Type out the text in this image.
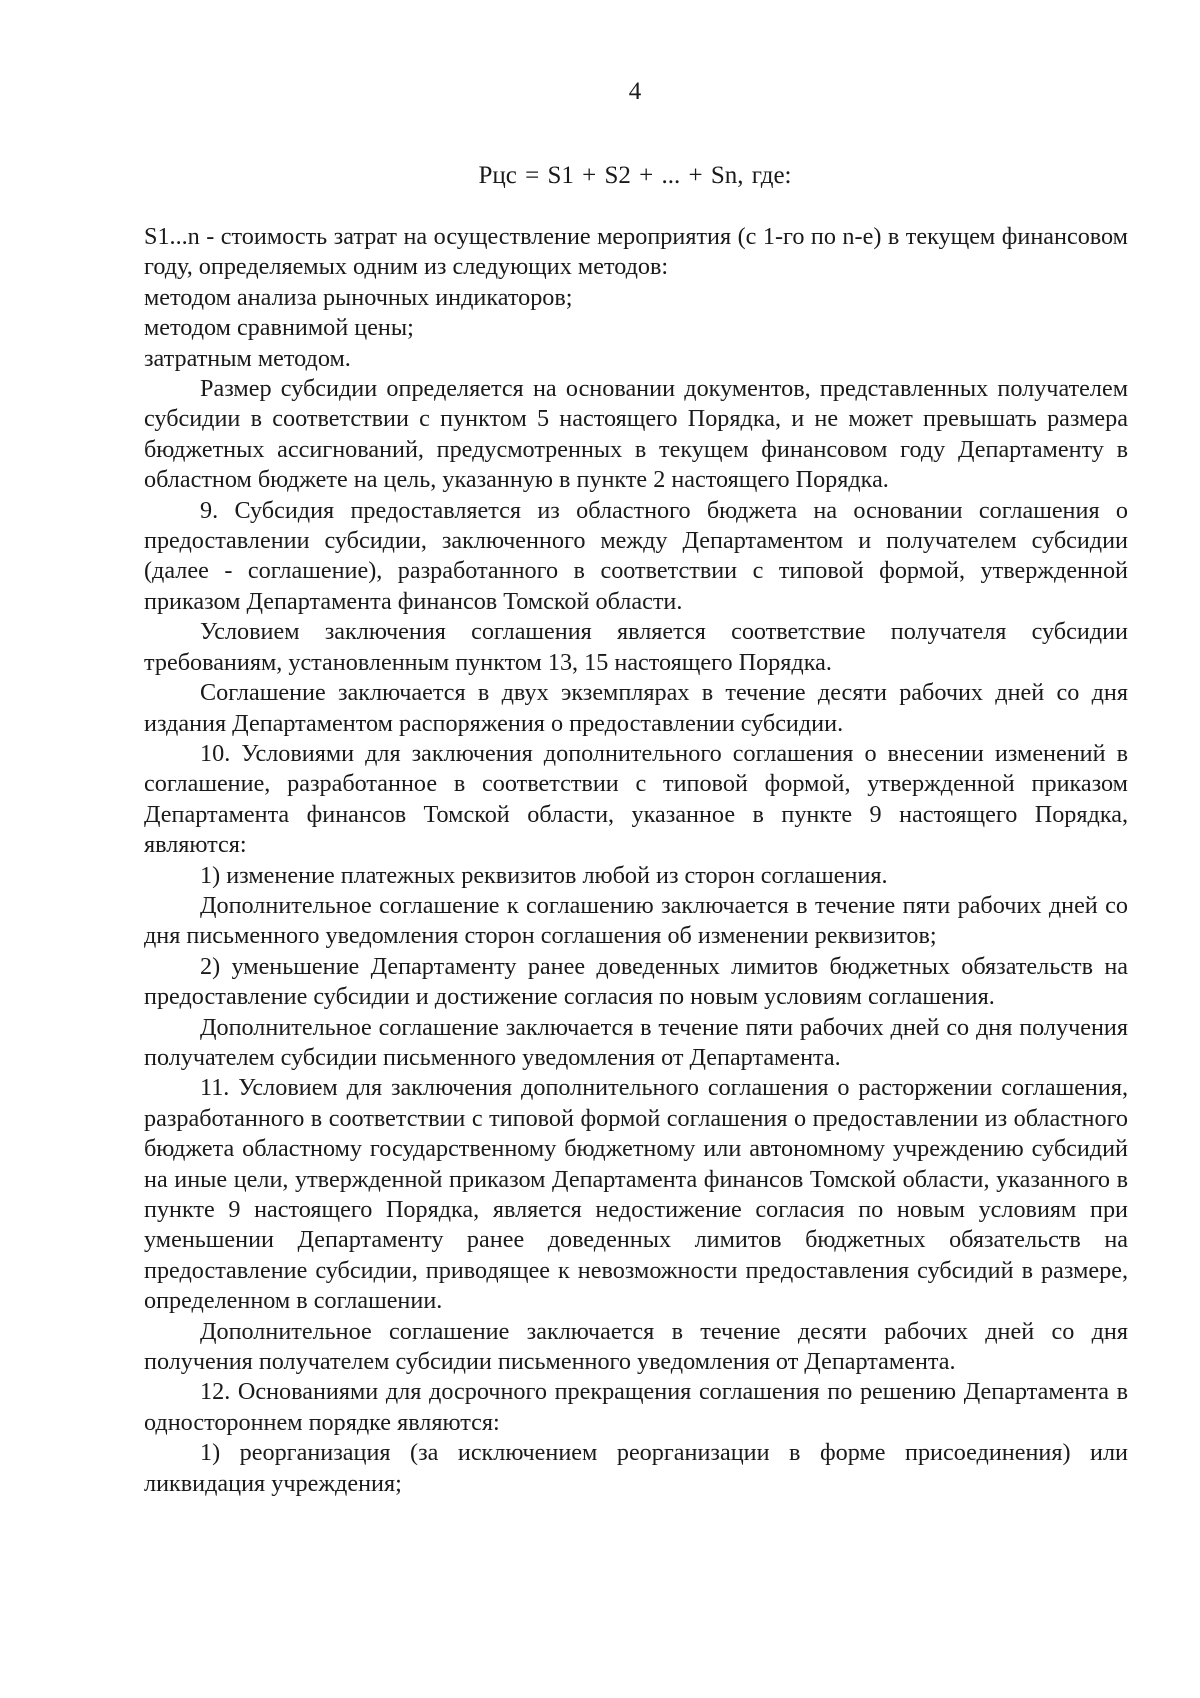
4
Рцс = S1 + S2 + ... + Sn, где:

S1...n - стоимость затрат на осуществление мероприятия (с 1-го по n-е) в текущем финансовом году, определяемых одним из следующих методов:

методом анализа рыночных индикаторов;

методом сравнимой цены;

затратным методом.

Размер субсидии определяется на основании документов, представленных получателем субсидии в соответствии с пунктом 5 настоящего Порядка, и не может превышать размера бюджетных ассигнований, предусмотренных в текущем финансовом году Департаменту в областном бюджете на цель, указанную в пункте 2 настоящего Порядка.

9. Субсидия предоставляется из областного бюджета на основании соглашения о предоставлении субсидии, заключенного между Департаментом и получателем субсидии (далее - соглашение), разработанного в соответствии с типовой формой, утвержденной приказом Департамента финансов Томской области.

Условием заключения соглашения является соответствие получателя субсидии требованиям, установленным пунктом 13, 15 настоящего Порядка.

Соглашение заключается в двух экземплярах в течение десяти рабочих дней со дня издания Департаментом распоряжения о предоставлении субсидии.

10. Условиями для заключения дополнительного соглашения о внесении изменений в соглашение, разработанное в соответствии с типовой формой, утвержденной приказом Департамента финансов Томской области, указанное в пункте 9 настоящего Порядка, являются:

1) изменение платежных реквизитов любой из сторон соглашения.

Дополнительное соглашение к соглашению заключается в течение пяти рабочих дней со дня письменного уведомления сторон соглашения об изменении реквизитов;

2) уменьшение Департаменту ранее доведенных лимитов бюджетных обязательств на предоставление субсидии и достижение согласия по новым условиям соглашения.

Дополнительное соглашение заключается в течение пяти рабочих дней со дня получения получателем субсидии письменного уведомления от Департамента.

11. Условием для заключения дополнительного соглашения о расторжении соглашения, разработанного в соответствии с типовой формой соглашения о предоставлении из областного бюджета областному государственному бюджетному или автономному учреждению субсидий на иные цели, утвержденной приказом Департамента финансов Томской области, указанного в пункте 9 настоящего Порядка, является недостижение согласия по новым условиям при уменьшении Департаменту ранее доведенных лимитов бюджетных обязательств на предоставление субсидии, приводящее к невозможности предоставления субсидий в размере, определенном в соглашении.

Дополнительное соглашение заключается в течение десяти рабочих дней со дня получения получателем субсидии письменного уведомления от Департамента.

12. Основаниями для досрочного прекращения соглашения по решению Департамента в одностороннем порядке являются:

1) реорганизация (за исключением реорганизации в форме присоединения) или ликвидация учреждения;
